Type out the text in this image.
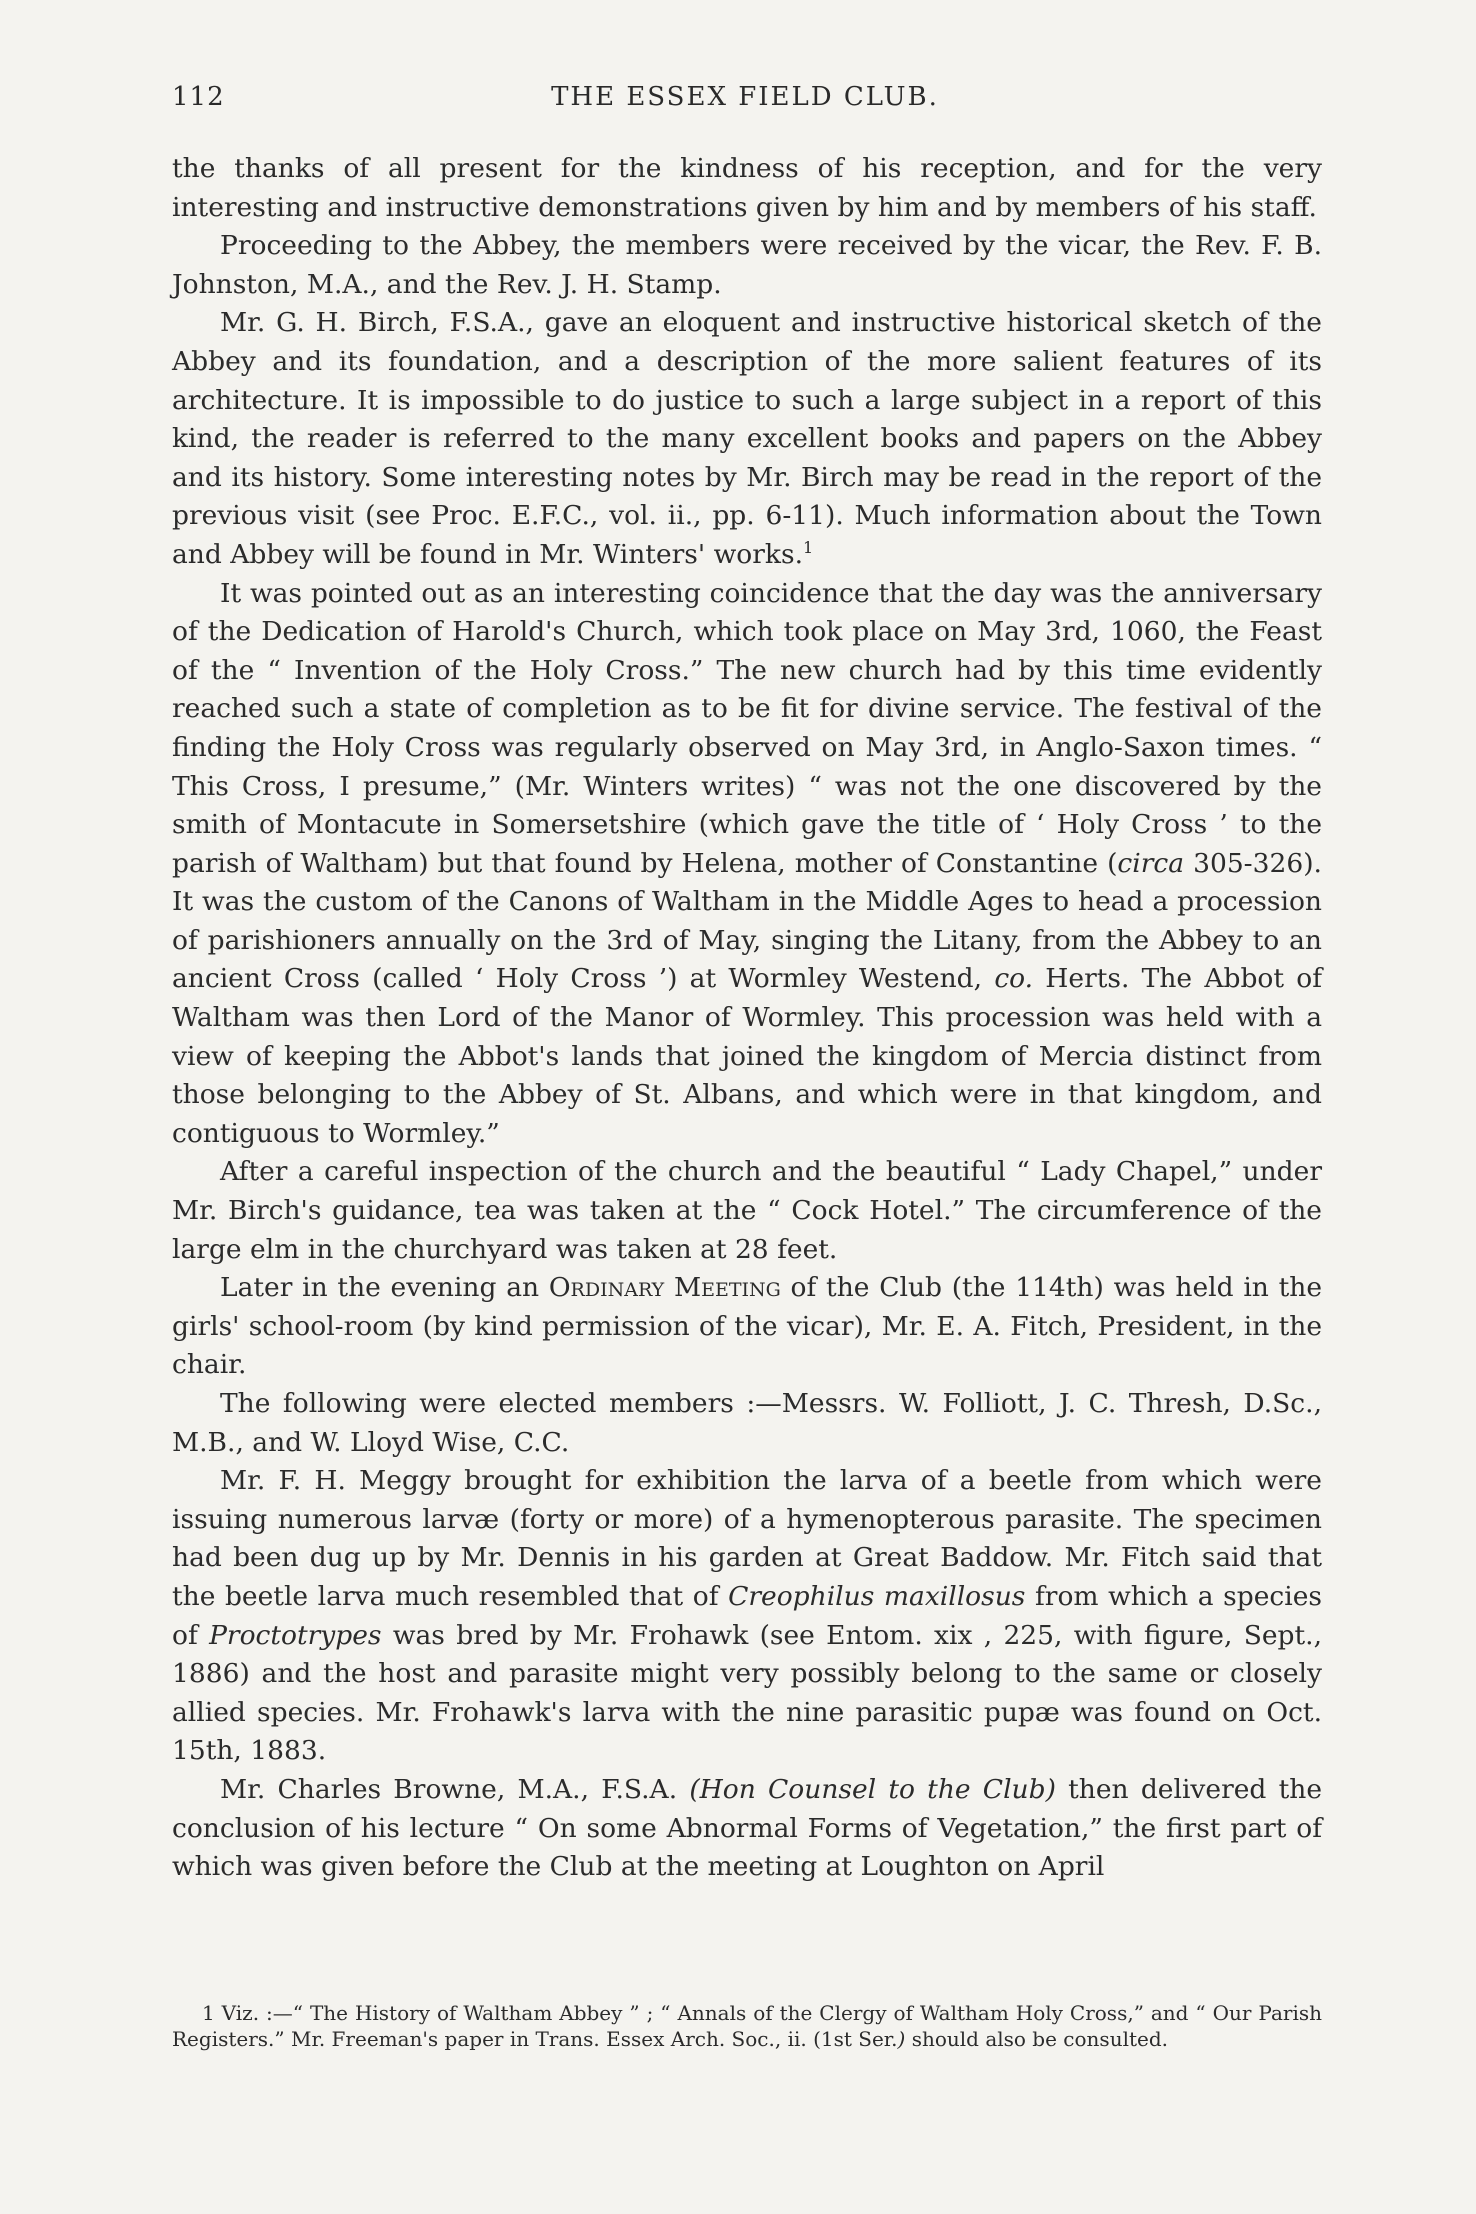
112	THE ESSEX FIELD CLUB.

the thanks of all present for the kindness of his reception, and for the very interesting and instructive demonstrations given by him and by members of his staff.

Proceeding to the Abbey, the members were received by the vicar, the Rev. F. B. Johnston, M.A., and the Rev. J. H. Stamp.

Mr. G. H. Birch, F.S.A., gave an eloquent and instructive historical sketch of the Abbey and its foundation, and a description of the more salient features of its architecture. It is impossible to do justice to such a large subject in a report of this kind, the reader is referred to the many excellent books and papers on the Abbey and its history. Some interesting notes by Mr. Birch may be read in the report of the previous visit (see Proc. E.F.C., vol. ii., pp. 6-11). Much information about the Town and Abbey will be found in Mr. Winters' works.$^1$

It was pointed out as an interesting coincidence that the day was the anniversary of the Dedication of Harold's Church, which took place on May 3rd, 1060, the Feast of the “ Invention of the Holy Cross.” The new church had by this time evidently reached such a state of completion as to be fit for divine service. The festival of the finding the Holy Cross was regularly observed on May 3rd, in Anglo-Saxon times. “ This Cross, I presume,” (Mr. Winters writes) “ was not the one discovered by the smith of Montacute in Somersetshire (which gave the title of ‘ Holy Cross ’ to the parish of Waltham) but that found by Helena, mother of Constantine (circa 305-326). It was the custom of the Canons of Waltham in the Middle Ages to head a procession of parishioners annually on the 3rd of May, singing the Litany, from the Abbey to an ancient Cross (called ‘ Holy Cross ’) at Wormley Westend, co. Herts. The Abbot of Waltham was then Lord of the Manor of Wormley. This procession was held with a view of keeping the Abbot's lands that joined the kingdom of Mercia distinct from those belonging to the Abbey of St. Albans, and which were in that kingdom, and contiguous to Wormley.”

After a careful inspection of the church and the beautiful “ Lady Chapel,” under Mr. Birch's guidance, tea was taken at the “ Cock Hotel.” The circumference of the large elm in the churchyard was taken at 28 feet.

Later in the evening an Ordinary Meeting of the Club (the 114th) was held in the girls' school-room (by kind permission of the vicar), Mr. E. A. Fitch, President, in the chair.

The following were elected members :—Messrs. W. Folliott, J. C. Thresh, D.Sc., M.B., and W. Lloyd Wise, C.C.

Mr. F. H. Meggy brought for exhibition the larva of a beetle from which were issuing numerous larvæ (forty or more) of a hymenopterous parasite. The specimen had been dug up by Mr. Dennis in his garden at Great Baddow. Mr. Fitch said that the beetle larva much resembled that of Creophilus maxillosus from which a species of Proctotrypes was bred by Mr. Frohawk (see Entom. xix , 225, with figure, Sept., 1886) and the host and parasite might very possibly belong to the same or closely allied species. Mr. Frohawk's larva with the nine parasitic pupæ was found on Oct. 15th, 1883.

Mr. Charles Browne, M.A., F.S.A. (Hon Counsel to the Club) then delivered the conclusion of his lecture “ On some Abnormal Forms of Vegetation,” the first part of which was given before the Club at the meeting at Loughton on April

1 Viz. :—“ The History of Waltham Abbey ” ; “ Annals of the Clergy of Waltham Holy Cross,” and “ Our Parish Registers.” Mr. Freeman's paper in Trans. Essex Arch. Soc., ii. (1st Ser.) should also be consulted.
